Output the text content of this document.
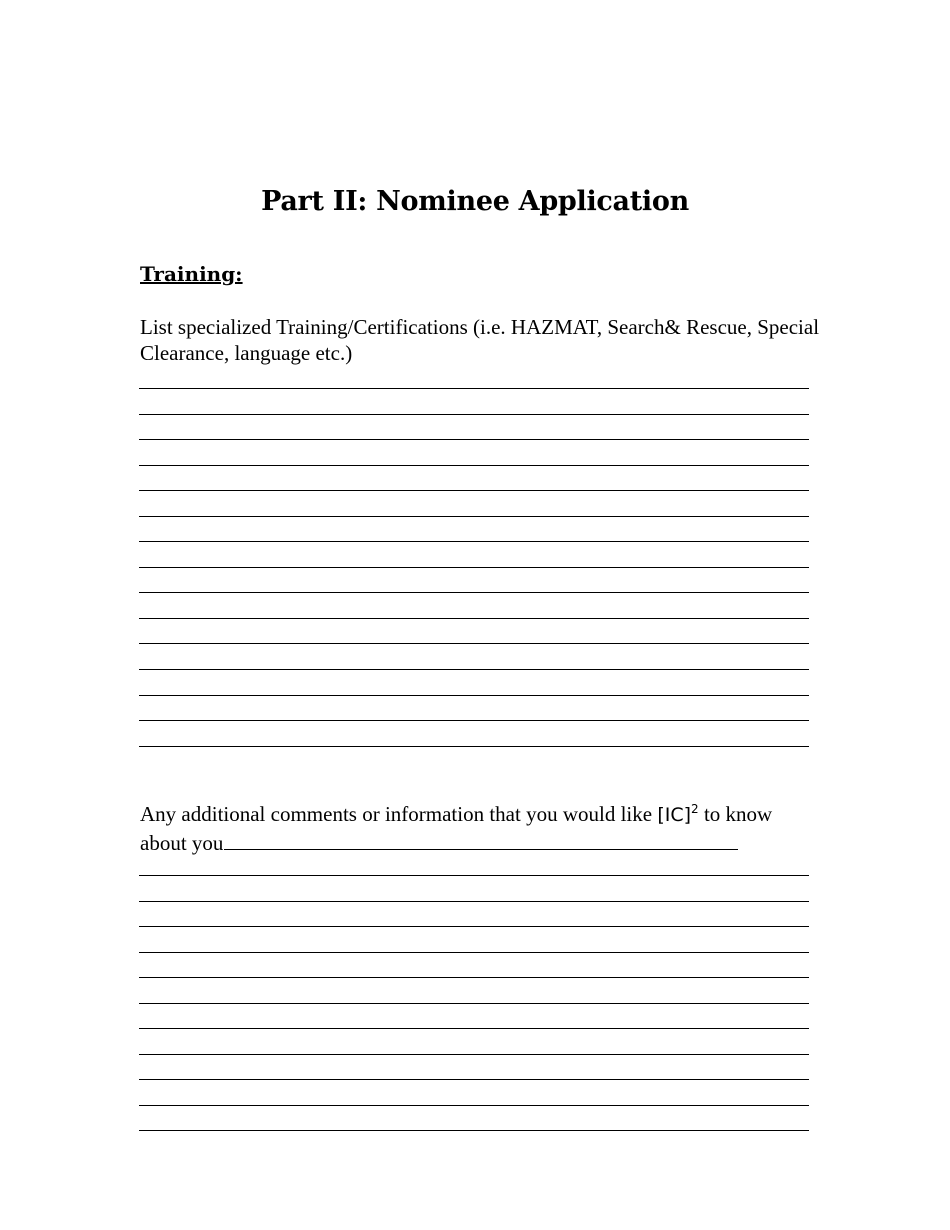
Part II: Nominee Application
Training:
List specialized Training/Certifications (i.e. HAZMAT, Search& Rescue, Special Clearance, language etc.)
Any additional comments or information that you would like [IC]$^2$ to know about you
